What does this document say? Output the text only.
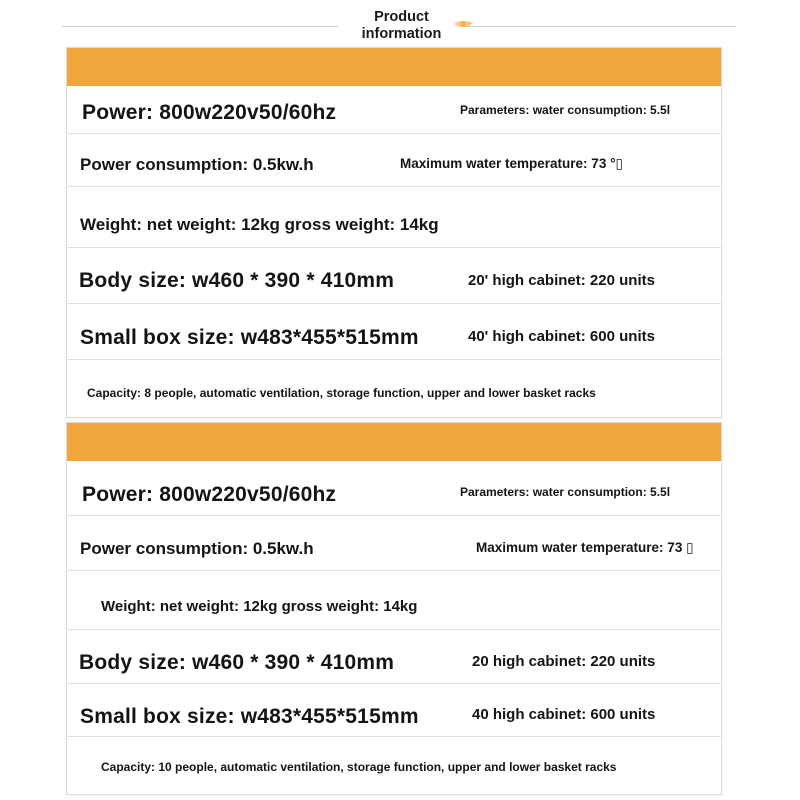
Product
information
Power: 800w220v50/60hz	Parameters: water consumption: 5.5l
Power consumption: 0.5kw.h	Maximum water temperature: 73 °▯
Weight: net weight: 12kg gross weight: 14kg
Body size: w460 * 390 * 410mm	20' high cabinet: 220 units
Small box size: w483*455*515mm	40' high cabinet: 600 units
Capacity: 8 people, automatic ventilation, storage function, upper and lower basket racks
Power: 800w220v50/60hz	Parameters: water consumption: 5.5l
Power consumption: 0.5kw.h	Maximum water temperature: 73 ▯
Weight: net weight: 12kg gross weight: 14kg
Body size: w460 * 390 * 410mm	20 high cabinet: 220 units
Small box size: w483*455*515mm	40 high cabinet: 600 units
Capacity: 10 people, automatic ventilation, storage function, upper and lower basket racks
